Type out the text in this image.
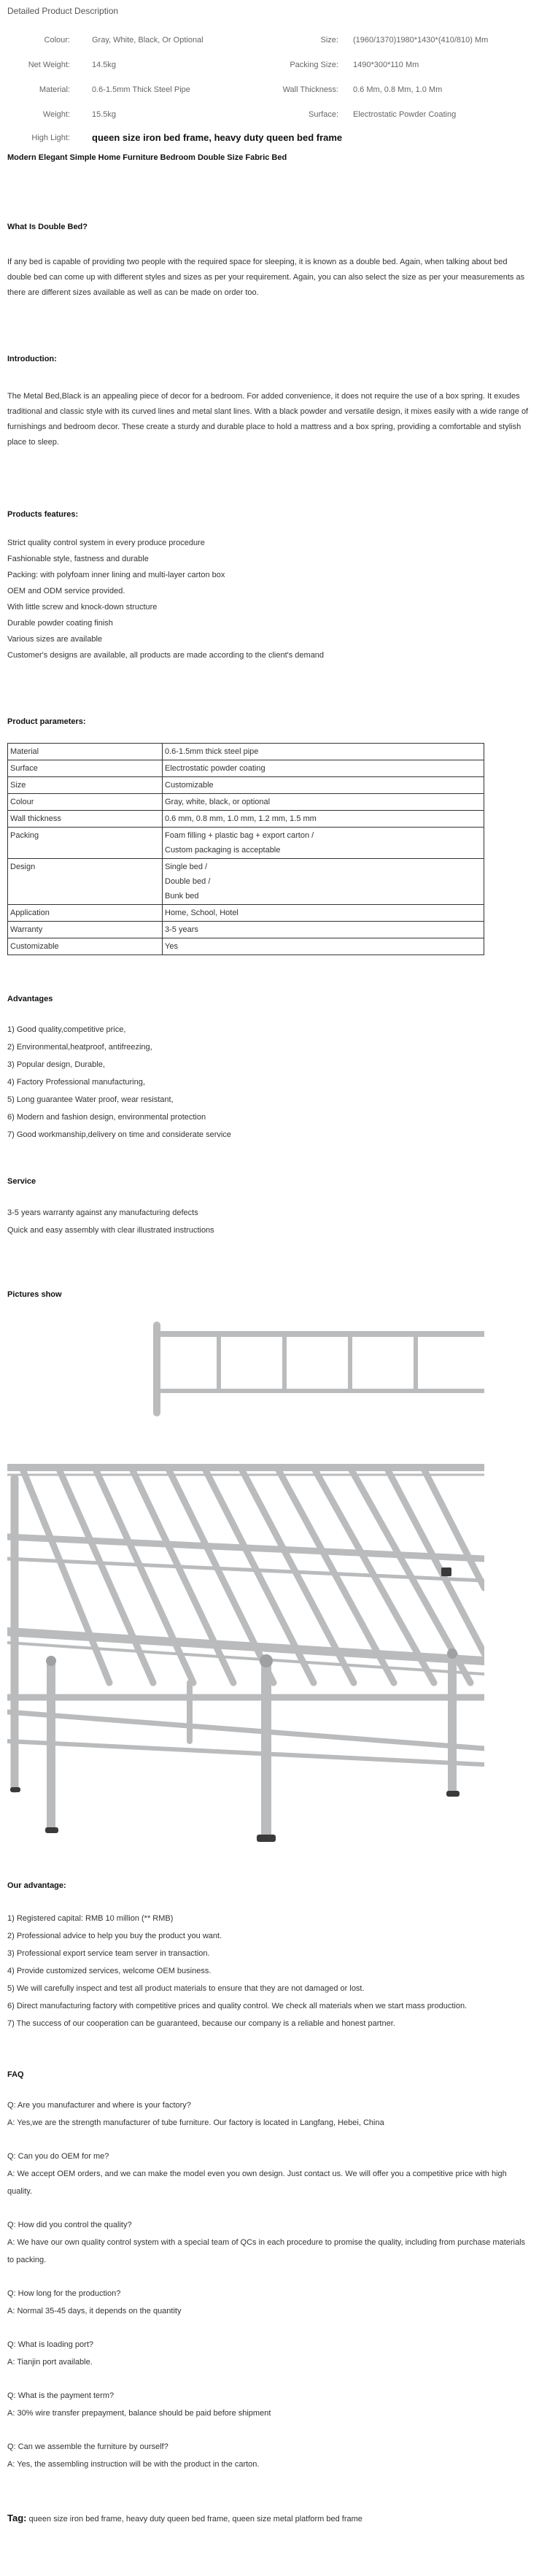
Detailed Product Description
Colour:	Gray, White, Black, Or Optional	Size:	(1960/1370)1980*1430*(410/810) Mm
Net Weight:	14.5kg	Packing Size:	1490*300*110 Mm
Material:	0.6-1.5mm Thick Steel Pipe	Wall Thickness:	0.6 Mm, 0.8 Mm, 1.0 Mm
Weight:	15.5kg	Surface:	Electrostatic Powder Coating
High Light:	queen size iron bed frame, heavy duty queen bed frame		
Modern Elegant Simple Home Furniture Bedroom Double Size Fabric Bed
What Is Double Bed?

If any bed is capable of providing two people with the required space for sleeping, it is known as a double bed. Again, when talking about bed double bed can come up with different styles and sizes as per your requirement. Again, you can also select the size as per your measurements as there are different sizes available as well as can be made on order too.

Introduction:

The Metal Bed,Black is an appealing piece of decor for a bedroom. For added convenience, it does not require the use of a box spring. It exudes traditional and classic style with its curved lines and metal slant lines. With a black powder and versatile design, it mixes easily with a wide range of furnishings and bedroom decor. These create a sturdy and durable place to hold a mattress and a box spring, providing a comfortable and stylish place to sleep.

Products features:
Strict quality control system in every produce procedure
Fashionable style, fastness and durable
Packing: with polyfoam inner lining and multi-layer carton box
OEM and ODM service provided.
With little screw and knock-down structure
Durable powder coating finish
Various sizes are available
Customer's designs are available, all products are made according to the client's demand
Product parameters:
Material	0.6-1.5mm thick steel pipe

Surface	Electrostatic powder coating

Size	Customizable

Colour	Gray, white, black, or optional

Wall thickness	0.6 mm, 0.8 mm, 1.0 mm, 1.2 mm, 1.5 mm

Packing	Foam filling + plastic bag + export carton /
Custom packaging is acceptable

Design	Single bed /
Double bed /
Bunk bed

Application	Home, School, Hotel

Warranty	3-5 years

Customizable	Yes
Advantages
1) Good quality,competitive price,
2) Environmental,heatproof, antifreezing,
3) Popular design, Durable,
4) Factory Professional manufacturing,
5) Long guarantee Water proof, wear resistant,
6) Modern and fashion design, environmental protection
7) Good workmanship,delivery on time and considerate service
Service
3-5 years warranty against any manufacturing defects
Quick and easy assembly with clear illustrated instructions
Pictures show
Our advantage:
1) Registered capital: RMB 10 million (** RMB)
2) Professional advice to help you buy the product you want.
3) Professional export service team server in transaction.
4) Provide customized services, welcome OEM business.
5) We will carefully inspect and test all product materials to ensure that they are not damaged or lost.
6) Direct manufacturing factory with competitive prices and quality control. We check all materials when we start mass production.
7) The success of our cooperation can be guaranteed, because our company is a reliable and honest partner.
FAQ
Q: Are you manufacturer and where is your factory?
A: Yes,we are the strength manufacturer of tube furniture. Our factory is located in Langfang, Hebei, China
Q: Can you do OEM for me?
A: We accept OEM orders, and we can make the model even you own design. Just contact us. We will offer you a competitive price with high quality.
Q: How did you control the quality?
A: We have our own quality control system with a special team of QCs in each procedure to promise the quality, including from purchase materials to packing.
Q: How long for the production?
A: Normal 35-45 days, it depends on the quantity
Q: What is loading port?
A: Tianjin port available.
Q: What is the payment term?
A: 30% wire transfer prepayment, balance should be paid before shipment
Q: Can we assemble the furniture by ourself?
A: Yes, the assembling instruction will be with the product in the carton.
Tag: queen size iron bed frame, heavy duty queen bed frame, queen size metal platform bed frame
